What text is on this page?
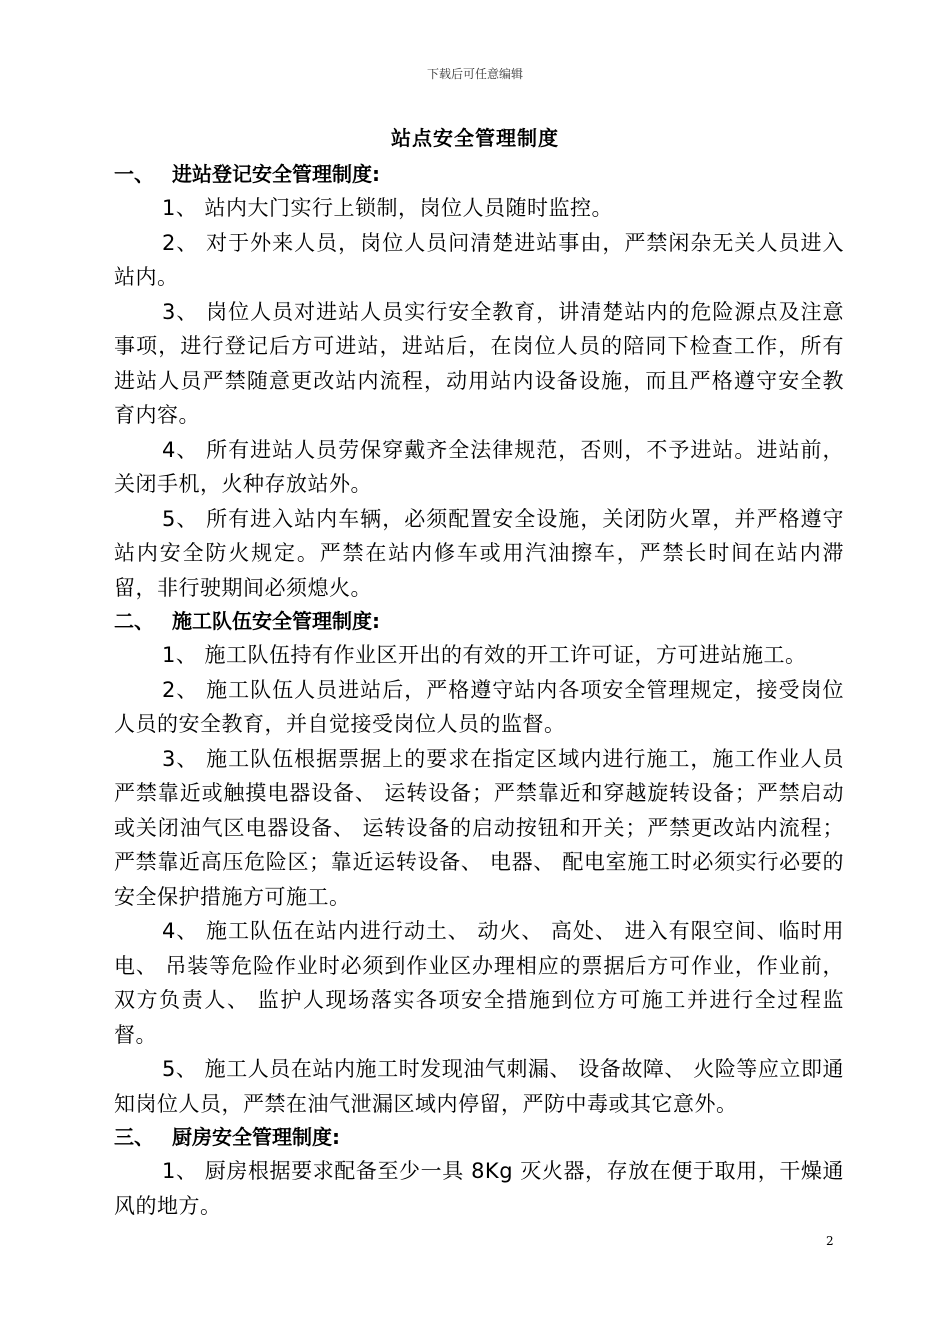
下载后可任意编辑
站点安全管理制度
一、 进站登记安全管理制度:

1、 站内大门实行上锁制，岗位人员随时监控。

2、 对于外来人员，岗位人员问清楚进站事由，严禁闲杂无关人员进入站内。

3、 岗位人员对进站人员实行安全教育，讲清楚站内的危险源点及注意事项，进行登记后方可进站，进站后，在岗位人员的陪同下检查工作，所有进站人员严禁随意更改站内流程，动用站内设备设施，而且严格遵守安全教育内容。

4、 所有进站人员劳保穿戴齐全法律规范，否则，不予进站。进站前，关闭手机，火种存放站外。

5、 所有进入站内车辆，必须配置安全设施，关闭防火罩，并严格遵守站内安全防火规定。严禁在站内修车或用汽油擦车，严禁长时间在站内滞留，非行驶期间必须熄火。

二、 施工队伍安全管理制度:

1、 施工队伍持有作业区开出的有效的开工许可证，方可进站施工。

2、 施工队伍人员进站后，严格遵守站内各项安全管理规定，接受岗位人员的安全教育，并自觉接受岗位人员的监督。

3、 施工队伍根据票据上的要求在指定区域内进行施工，施工作业人员严禁靠近或触摸电器设备、 运转设备；严禁靠近和穿越旋转设备；严禁启动或关闭油气区电器设备、 运转设备的启动按钮和开关；严禁更改站内流程；严禁靠近高压危险区；靠近运转设备、 电器、 配电室施工时必须实行必要的安全保护措施方可施工。

4、 施工队伍在站内进行动土、 动火、 高处、 进入有限空间、临时用电、 吊装等危险作业时必须到作业区办理相应的票据后方可作业，作业前，双方负责人、 监护人现场落实各项安全措施到位方可施工并进行全过程监督。

5、 施工人员在站内施工时发现油气刺漏、 设备故障、 火险等应立即通知岗位人员，严禁在油气泄漏区域内停留，严防中毒或其它意外。

三、 厨房安全管理制度:

1、 厨房根据要求配备至少一具 8Kg 灭火器，存放在便于取用，干燥通风的地方。

2
